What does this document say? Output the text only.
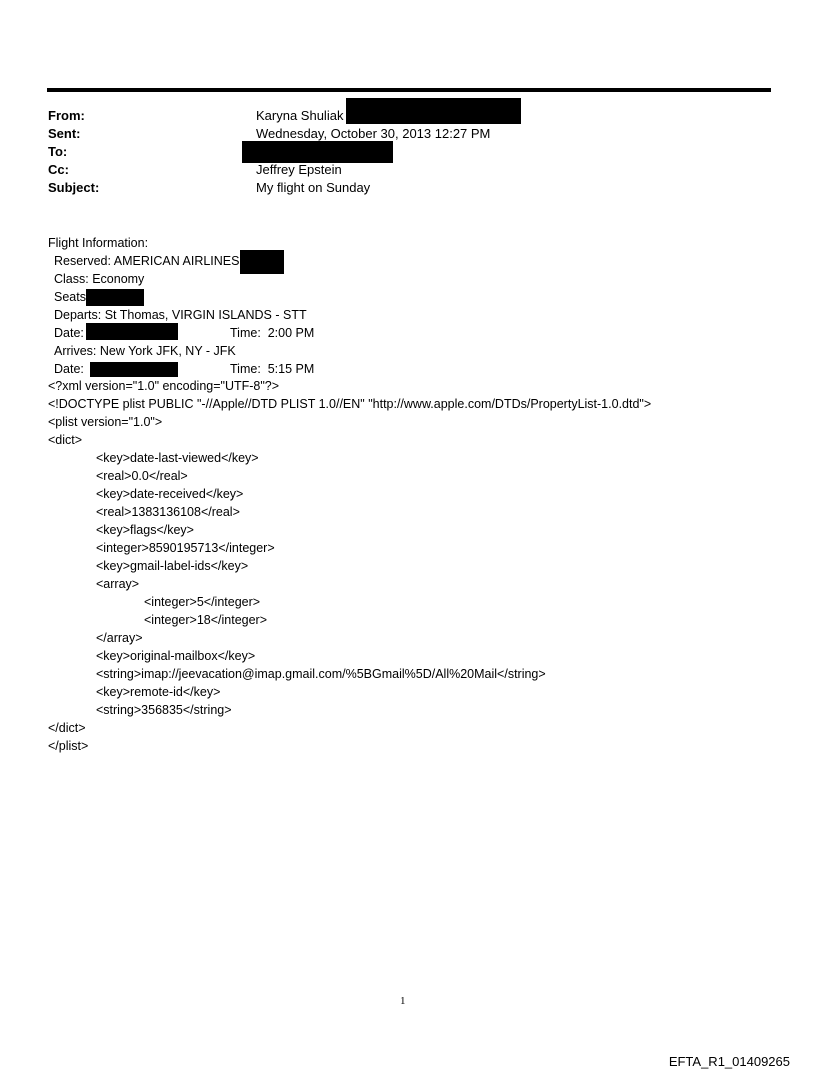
From:	Karyna Shuliak
Sent:	Wednesday, October 30, 2013 12:27 PM
To:
Cc:	Jeffrey Epstein
Subject:	My flight on Sunday
Flight Information:
Reserved: AMERICAN AIRLINES
Class: Economy
Seats
Departs: St Thomas, VIRGIN ISLANDS - STT
Date:	Time:  2:00 PM
Arrives: New York JFK, NY - JFK
Date:	Time:  5:15 PM
<?xml version="1.0" encoding="UTF-8"?>
<!DOCTYPE plist PUBLIC "-//Apple//DTD PLIST 1.0//EN" "http://www.apple.com/DTDs/PropertyList-1.0.dtd">
<plist version="1.0">
<dict>
<key>date-last-viewed</key>
<real>0.0</real>
<key>date-received</key>
<real>1383136108</real>
<key>flags</key>
<integer>8590195713</integer>
<key>gmail-label-ids</key>
<array>
<integer>5</integer>
<integer>18</integer>
</array>
<key>original-mailbox</key>
<string>imap://jeevacation@imap.gmail.com/%5BGmail%5D/All%20Mail</string>
<key>remote-id</key>
<string>356835</string>
</dict>
</plist>
1
EFTA_R1_01409265
